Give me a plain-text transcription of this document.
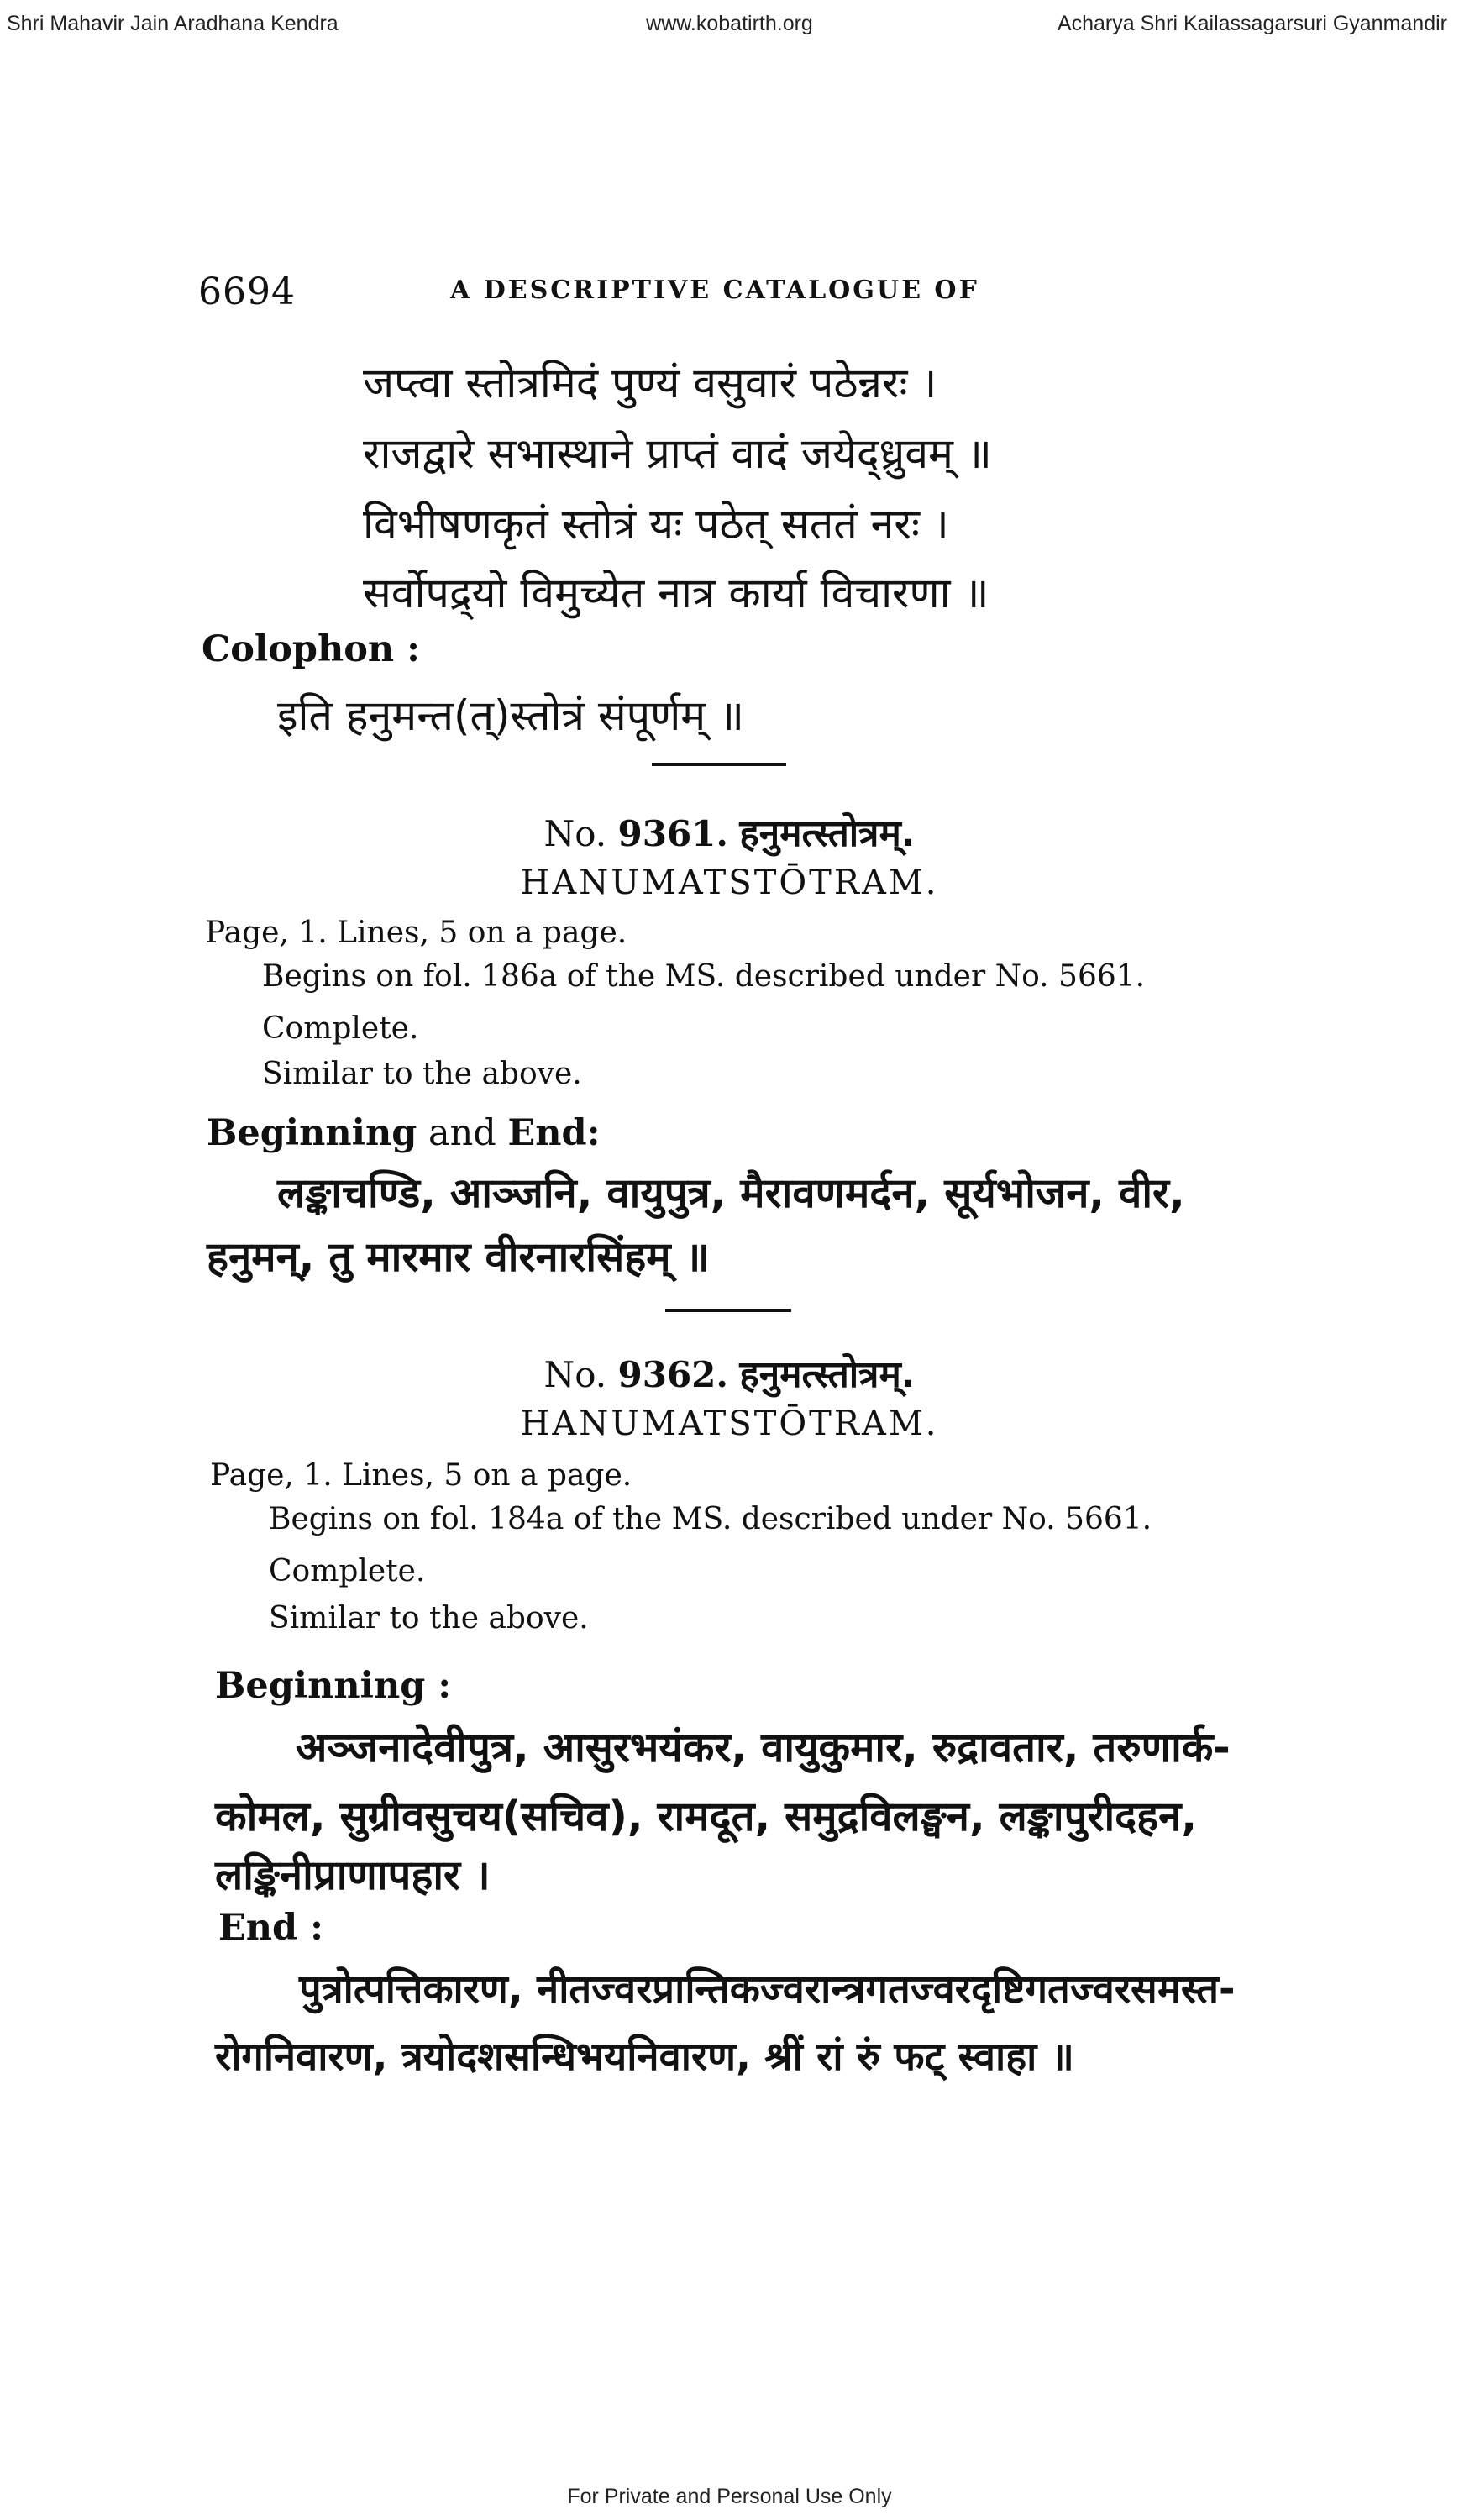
Shri Mahavir Jain Aradhana Kendra	www.kobatirth.org	Acharya Shri Kailassagarsuri Gyanmandir
6694	A DESCRIPTIVE CATALOGUE OF
जप्त्वा स्तोत्रमिदं पुण्यं वसुवारं पठेन्नरः ।
राजद्वारे सभास्थाने प्राप्तं वादं जयेद्ध्रुवम् ॥
विभीषणकृतं स्तोत्रं यः पठेत् सततं नरः ।
सर्वोपद्र्यो विमुच्येत नात्र कार्या विचारणा ॥
Colophon :
इति हनुमन्त(त्)स्तोत्रं संपूर्णम् ॥
No. 9361. हनुमत्स्तोत्रम्.
HANUMATSTŌTRAM.
Page, 1. Lines, 5 on a page.
Begins on fol. 186a of the MS. described under No. 5661.
Complete.
Similar to the above.
Beginning and End:
लङ्काचण्डि, आञ्जनि, वायुपुत्र, मैरावणमर्दन, सूर्यभोजन, वीर,
हनुमन्, तु मारमार वीरनारसिंहम् ॥
No. 9362. हनुमत्स्तोत्रम्.
HANUMATSTŌTRAM.
Page, 1. Lines, 5 on a page.
Begins on fol. 184a of the MS. described under No. 5661.
Complete.
Similar to the above.
Beginning :
अञ्जनादेवीपुत्र, आसुरभयंकर, वायुकुमार, रुद्रावतार, तरुणार्क-
कोमल, सुग्रीवसुचय(सचिव), रामदूत, समुद्रविलङ्घन, लङ्कापुरीदहन,
लङ्किनीप्राणापहार ।
End :
पुत्रोत्पत्तिकारण, नीतज्वरप्रान्तिकज्वरान्त्रगतज्वरदृष्टिगतज्वरसमस्त-
रोगनिवारण, त्रयोदशसन्धिभयनिवारण, श्रीं रां रुं फट् स्वाहा ॥
For Private and Personal Use Only
